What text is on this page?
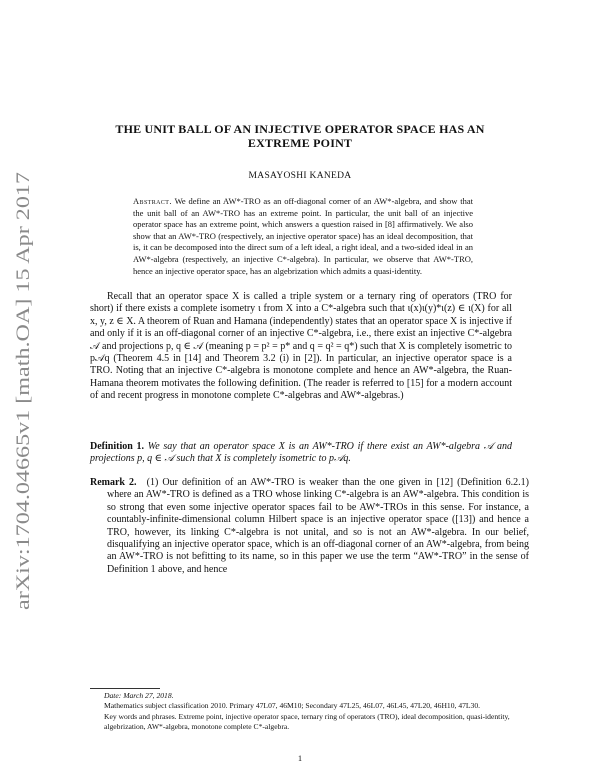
arXiv:1704.04665v1 [math.OA] 15 Apr 2017
THE UNIT BALL OF AN INJECTIVE OPERATOR SPACE HAS AN
EXTREME POINT
MASAYOSHI KANEDA
Abstract. We define an AW*-TRO as an off-diagonal corner of an AW*-algebra, and show that the unit ball of an AW*-TRO has an extreme point. In particular, the unit ball of an injective operator space has an extreme point, which answers a question raised in [8] affirmatively. We also show that an AW*-TRO (respectively, an injective operator space) has an ideal decomposition, that is, it can be decomposed into the direct sum of a left ideal, a right ideal, and a two-sided ideal in an AW*-algebra (respectively, an injective C*-algebra). In particular, we observe that AW*-TRO, hence an injective operator space, has an algebrization which admits a quasi-identity.

Recall that an operator space X is called a triple system or a ternary ring of operators (TRO for short) if there exists a complete isometry ι from X into a C*-algebra such that ι(x)ι(y)*ι(z) ∈ ι(X) for all x, y, z ∈ X. A theorem of Ruan and Hamana (independently) states that an operator space X is injective if and only if it is an off-diagonal corner of an injective C*-algebra, i.e., there exist an injective C*-algebra 𝒜 and projections p, q ∈ 𝒜 (meaning p = p² = p* and q = q² = q*) such that X is completely isometric to p𝒜q (Theorem 4.5 in [14] and Theorem 3.2 (i) in [2]). In particular, an injective operator space is a TRO. Noting that an injective C*-algebra is monotone complete and hence an AW*-algebra, the Ruan-Hamana theorem motivates the following definition. (The reader is referred to [15] for a modern account of and recent progress in monotone complete C*-algebras and AW*-algebras.)

Definition 1. We say that an operator space X is an AW*-TRO if there exist an AW*-algebra 𝒜 and projections p, q ∈ 𝒜 such that X is completely isometric to p𝒜q.

Remark 2. (1) Our definition of an AW*-TRO is weaker than the one given in [12] (Definition 6.2.1) where an AW*-TRO is defined as a TRO whose linking C*-algebra is an AW*-algebra. This condition is so strong that even some injective operator spaces fail to be AW*-TROs in this sense. For instance, a countably-infinite-dimensional column Hilbert space is an injective operator space ([13]) and hence a TRO, however, its linking C*-algebra is not unital, and so is not an AW*-algebra. In our belief, disqualifying an injective operator space, which is an off-diagonal corner of an AW*-algebra, from being an AW*-TRO is not befitting to its name, so in this paper we use the term “AW*-TRO” in the sense of Definition 1 above, and hence

Date: March 27, 2018.

Mathematics subject classification 2010. Primary 47L07, 46M10; Secondary 47L25, 46L07, 46L45, 47L20, 46H10, 47L30.

Key words and phrases. Extreme point, injective operator space, ternary ring of operators (TRO), ideal decomposition, quasi-identity, algebrization, AW*-algebra, monotone complete C*-algebra.

1
